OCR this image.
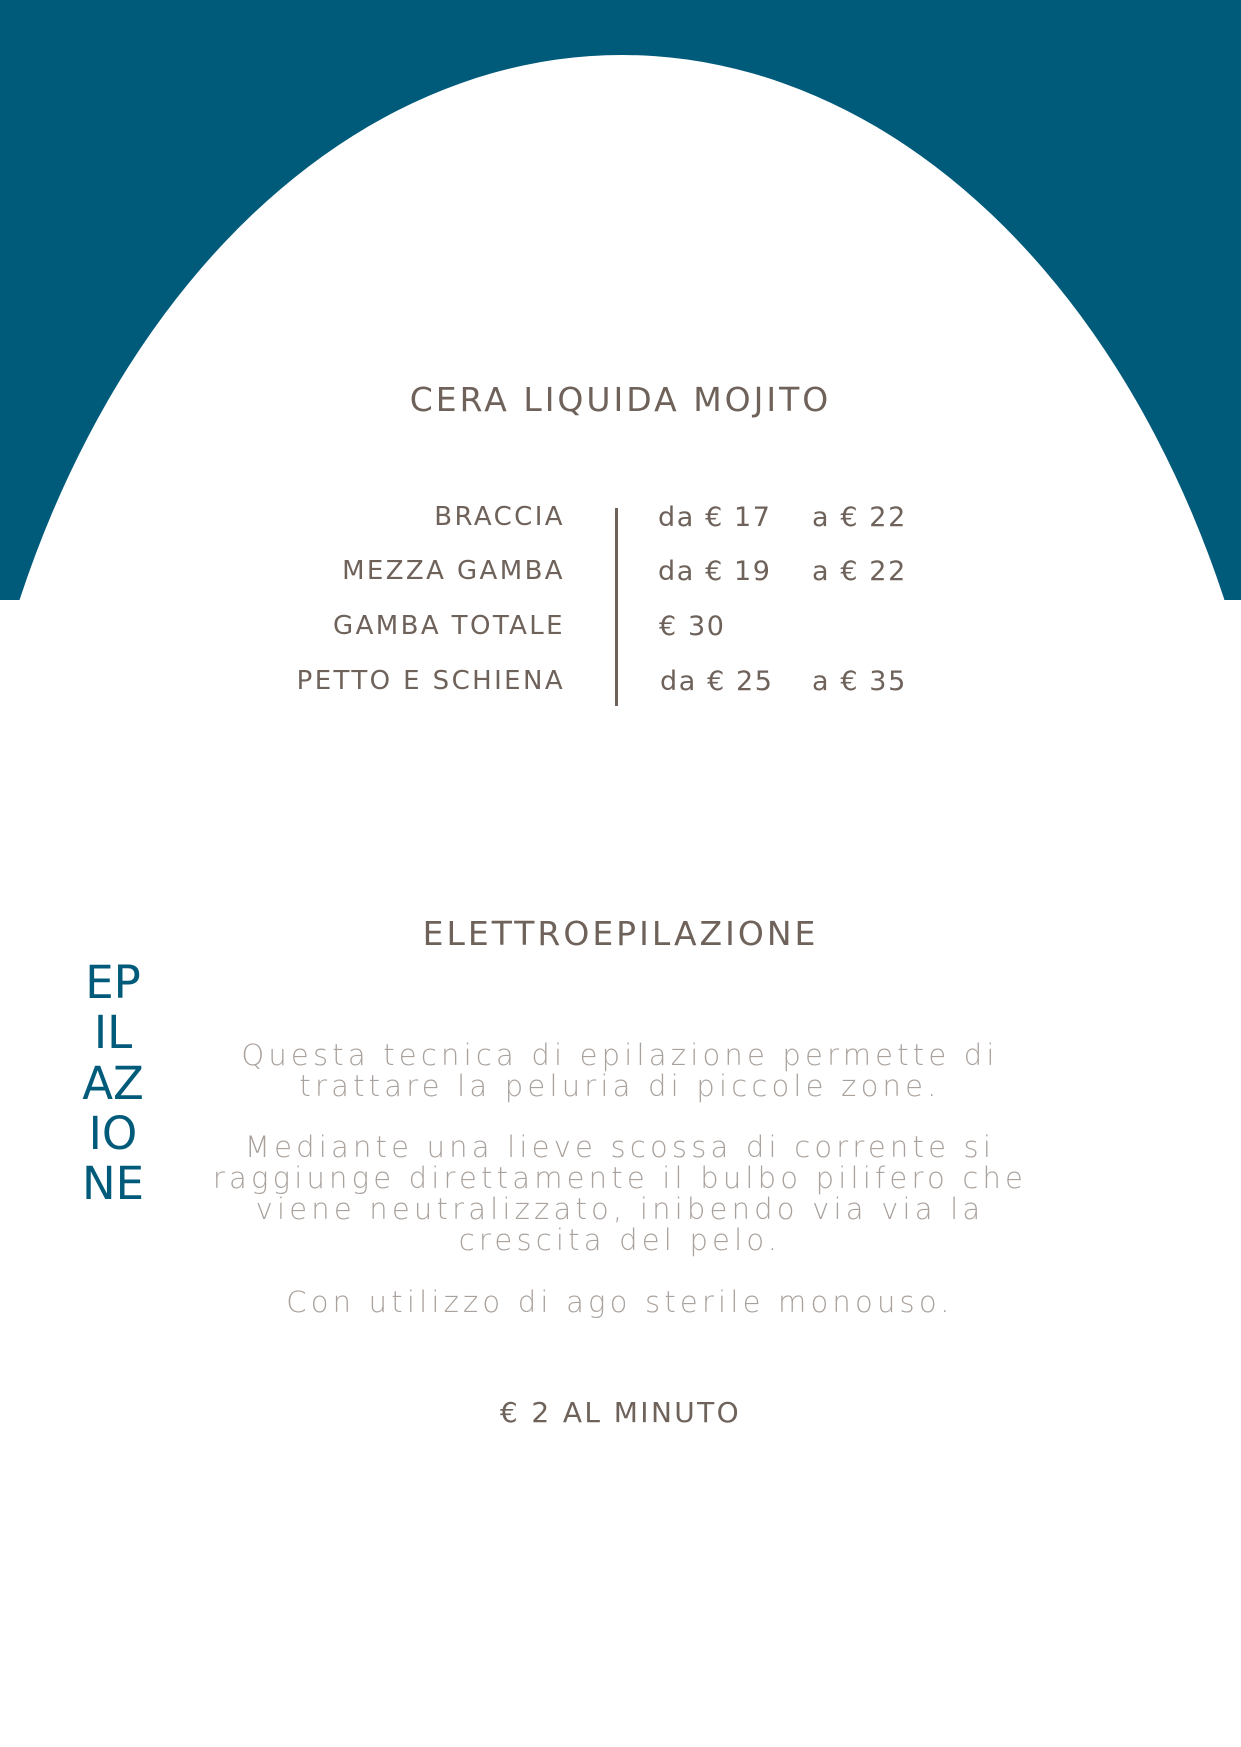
CERA LIQUIDA MOJITO
BRACCIA	da € 17 a € 22
MEZZA GAMBA	da € 19 a € 22
GAMBA TOTALE	€ 30
PETTO E SCHIENA	da € 25 a € 35
ELETTROEPILAZIONE

Questa tecnica di epilazione permette di trattare la peluria di piccole zone.

Mediante una lieve scossa di corrente si raggiunge direttamente il bulbo pilifero che viene neutralizzato, inibendo via via la crescita del pelo.

Con utilizzo di ago sterile monouso.

€ 2 AL MINUTO
EPILAZIONE
